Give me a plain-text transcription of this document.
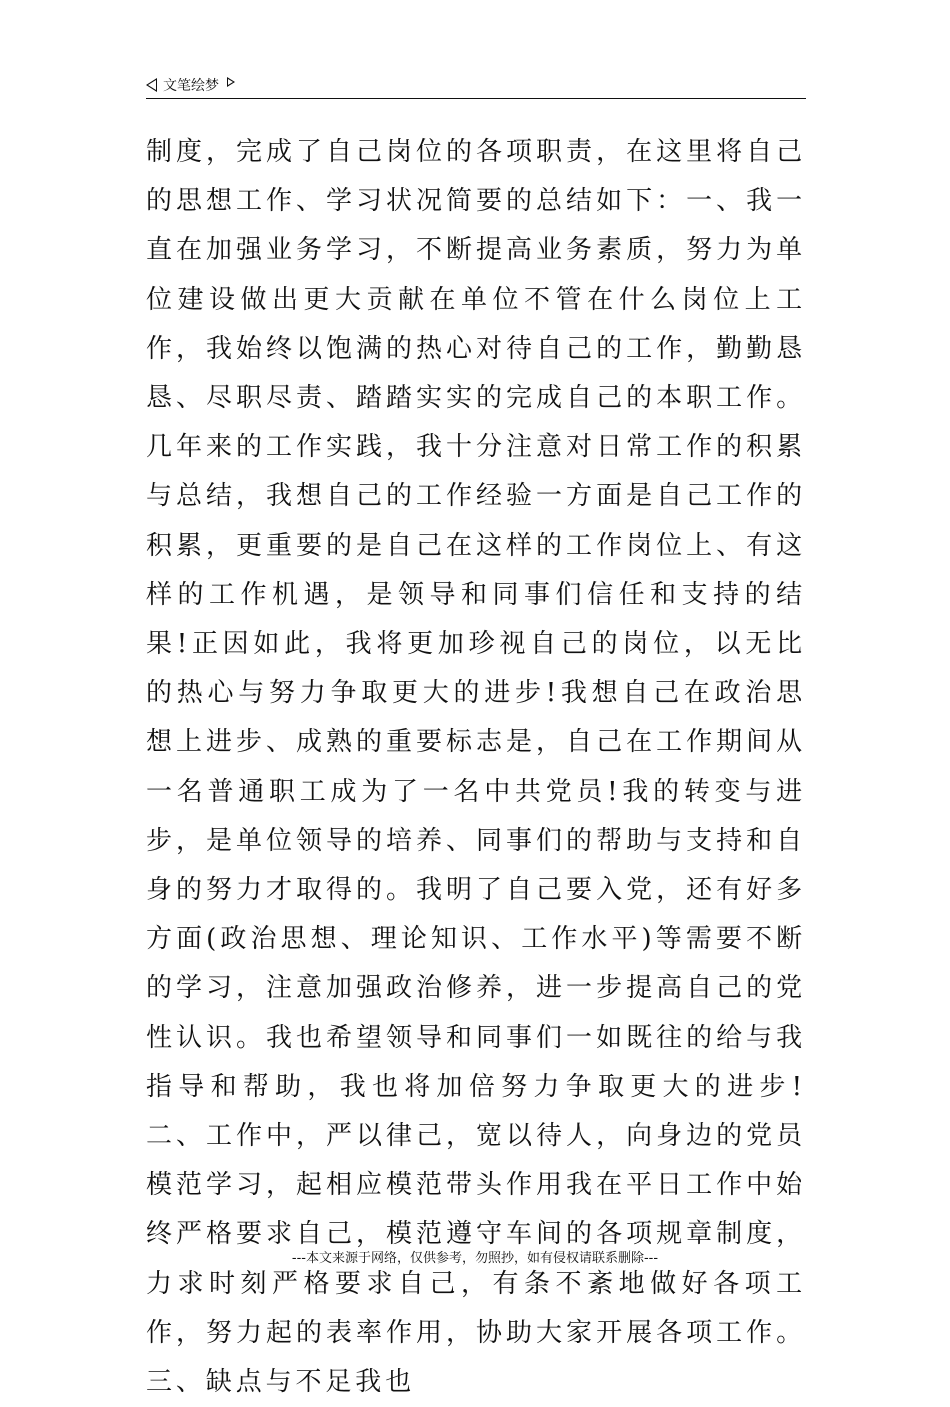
文笔绘梦

制度，完成了自己岗位的各项职责，在这里将自己的思想工作、学习状况简要的总结如下：一、我一直在加强业务学习，不断提高业务素质，努力为单位建设做出更大贡献在单位不管在什么岗位上工作，我始终以饱满的热心对待自己的工作，勤勤恳恳、尽职尽责、踏踏实实的完成自己的本职工作。几年来的工作实践，我十分注意对日常工作的积累与总结，我想自己的工作经验一方面是自己工作的积累，更重要的是自己在这样的工作岗位上、有这样的工作机遇，是领导和同事们信任和支持的结果!正因如此，我将更加珍视自己的岗位，以无比的热心与努力争取更大的进步!我想自己在政治思想上进步、成熟的重要标志是，自己在工作期间从一名普通职工成为了一名中共党员!我的转变与进步，是单位领导的培养、同事们的帮助与支持和自身的努力才取得的。我明了自己要入党，还有好多方面(政治思想、理论知识、工作水平)等需要不断的学习，注意加强政治修养，进一步提高自己的党性认识。我也希望领导和同事们一如既往的给与我指导和帮助，我也将加倍努力争取更大的进步!二、工作中，严以律己，宽以待人，向身边的党员模范学习，起相应模范带头作用我在平日工作中始终严格要求自己，模范遵守车间的各项规章制度，力求时刻严格要求自己，有条不紊地做好各项工作，努力起的表率作用，协助大家开展各项工作。三、缺点与不足我也

---本文来源于网络，仅供参考，勿照抄，如有侵权请联系删除---
